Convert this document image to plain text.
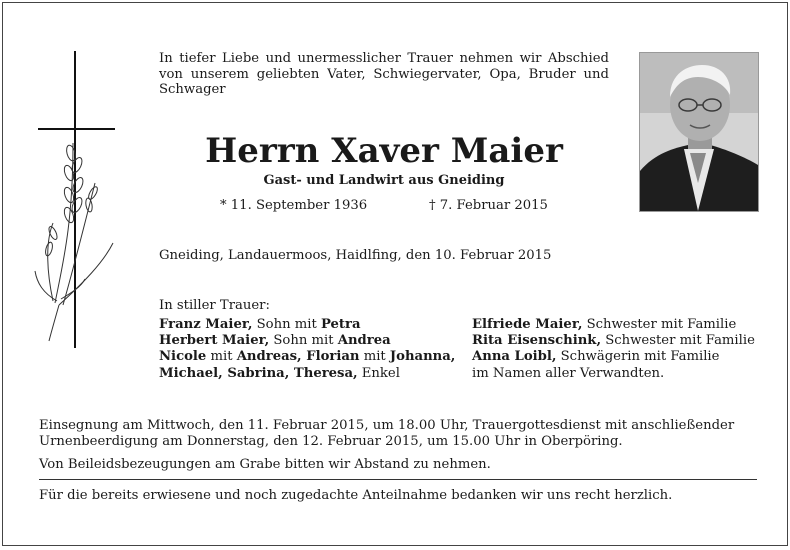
In tiefer Liebe und unermesslicher Trauer nehmen wir Abschied von unserem geliebten Vater, Schwiegervater, Opa, Bruder und Schwager
Herrn Xaver Maier
Gast- und Landwirt aus Gneiding
* 11. September 1936	† 7. Februar 2015
Gneiding, Landauermoos, Haidlfing, den 10. Februar 2015
In stiller Trauer:
Franz Maier, Sohn mit Petra
Herbert Maier, Sohn mit Andrea
Nicole mit Andreas, Florian mit Johanna,
Michael, Sabrina, Theresa, Enkel
Elfriede Maier, Schwester mit Familie
Rita Eisenschink, Schwester mit Familie
Anna Loibl, Schwägerin mit Familie
im Namen aller Verwandten.
Einsegnung am Mittwoch, den 11. Februar 2015, um 18.00 Uhr, Trauergottesdienst mit anschließender Urnenbeerdigung am Donnerstag, den 12. Februar 2015, um 15.00 Uhr in Oberpöring.
Von Beileidsbezeugungen am Grabe bitten wir Abstand zu nehmen.
Für die bereits erwiesene und noch zugedachte Anteilnahme bedanken wir uns recht herzlich.
